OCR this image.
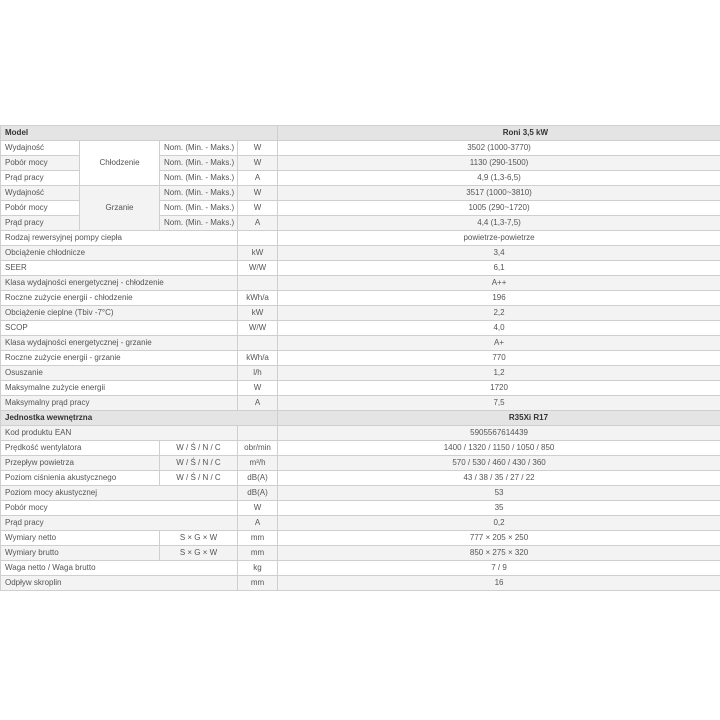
Model				Roni 3,5 kW
Wydajność	Chłodzenie	Nom. (Min. - Maks.)	W	3502 (1000-3770)
Pobór mocy		Nom. (Min. - Maks.)	W	1130 (290-1500)
Prąd pracy		Nom. (Min. - Maks.)	A	4,9 (1,3-6,5)
Wydajność	Grzanie	Nom. (Min. - Maks.)	W	3517 (1000~3810)
Pobór mocy		Nom. (Min. - Maks.)	W	1005 (290~1720)
Prąd pracy		Nom. (Min. - Maks.)	A	4,4 (1,3-7,5)
Rodzaj rewersyjnej pompy ciepła				powietrze-powietrze
Obciążenie chłodnicze			kW	3,4
SEER			W/W	6,1
Klasa wydajności energetycznej - chłodzenie				A++
Roczne zużycie energii - chłodzenie			kWh/a	196
Obciążenie cieplne (Tbiv -7°C)			kW	2,2
SCOP			W/W	4,0
Klasa wydajności energetycznej - grzanie				A+
Roczne zużycie energii - grzanie			kWh/a	770
Osuszanie			l/h	1,2
Maksymalne zużycie energii			W	1720
Maksymalny prąd pracy			A	7,5
Jednostka wewnętrzna				R35Xi R17
Kod produktu EAN				5905567614439
Prędkość wentylatora		W / Ś / N / C	obr/min	1400 / 1320 / 1150 / 1050 / 850
Przepływ powietrza		W / Ś / N / C	m³/h	570 / 530 / 460 / 430 / 360
Poziom ciśnienia akustycznego		W / Ś / N / C	dB(A)	43 / 38 / 35 / 27 / 22
Poziom mocy akustycznej			dB(A)	53
Pobór mocy			W	35
Prąd pracy			A	0,2
Wymiary netto		S × G × W	mm	777 × 205 × 250
Wymiary brutto		S × G × W	mm	850 × 275 × 320
Waga netto / Waga brutto			kg	7 / 9
Odpływ skroplin			mm	16
